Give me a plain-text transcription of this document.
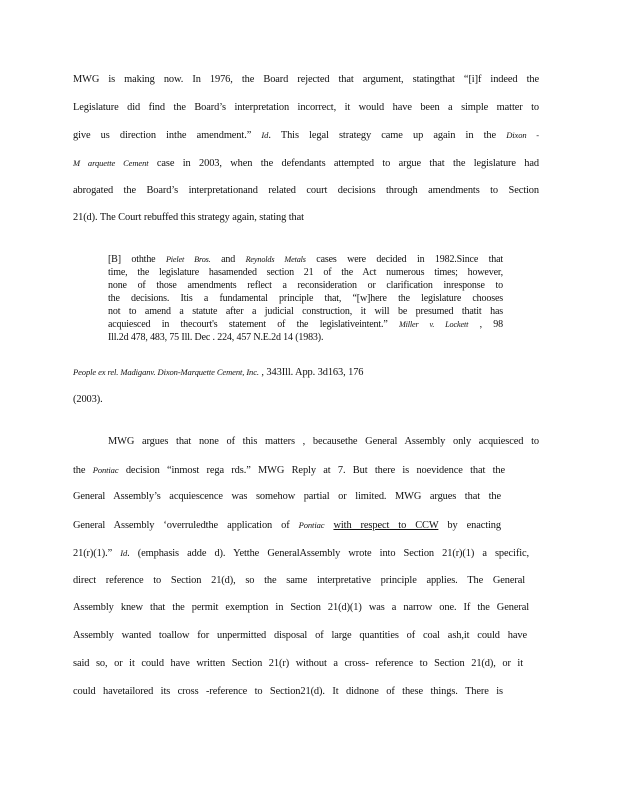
MWG is making now. In 1976, the Board rejected that argument, statingthat “[i]f indeed the
Legislature did find the Board’s interpretation incorrect, it would have been a simple matter to
give us direction inthe amendment.” Id. This legal strategy came up again in the Dixon -
M arquette Cement case in 2003, when the defendants attempted to argue that the legislature had
abrogated the Board’s interpretationand related court decisions through amendments to Section
21(d). The Court rebuffed this strategy again, stating that
[B] oththe Pielet Bros. and Reynolds Metals cases were decided in 1982.Since that
time, the legislature hasamended section 21 of the Act numerous times; however,
none of those amendments reflect a reconsideration or clarification inresponse to
the decisions. Itis a fundamental principle that, “[w]here the legislature chooses
not to amend a statute after a judicial construction, it will be presumed thatit has
acquiesced in thecourt's statement of the legislativeintent.” Miller v. Lockett , 98
Ill.2d 478, 483, 75 Ill. Dec . 224, 457 N.E.2d 14 (1983).
People ex rel. Madiganv. Dixon-Marquette Cement, Inc. , 343Ill. App. 3d163, 176
(2003).
MWG argues that none of this matters , becausethe General Assembly only acquiesced to
the Pontiac decision “inmost rega rds.” MWG Reply at 7. But there is noevidence that the
General Assembly’s acquiescence was somehow partial or limited. MWG argues that the
General Assembly ‘overruledthe application of Pontiac with respect to CCW by enacting
21(r)(1).” Id. (emphasis adde d). Yetthe GeneralAssembly wrote into Section 21(r)(1) a specific,
direct reference to Section 21(d), so the same interpretative principle applies. The General
Assembly knew that the permit exemption in Section 21(d)(1) was a narrow one. If the General
Assembly wanted toallow for unpermitted disposal of large quantities of coal ash,it could have
said so, or it could have written Section 21(r) without a cross- reference to Section 21(d), or it
could havetailored its cross -reference to Section21(d). It didnone of these things. There is
